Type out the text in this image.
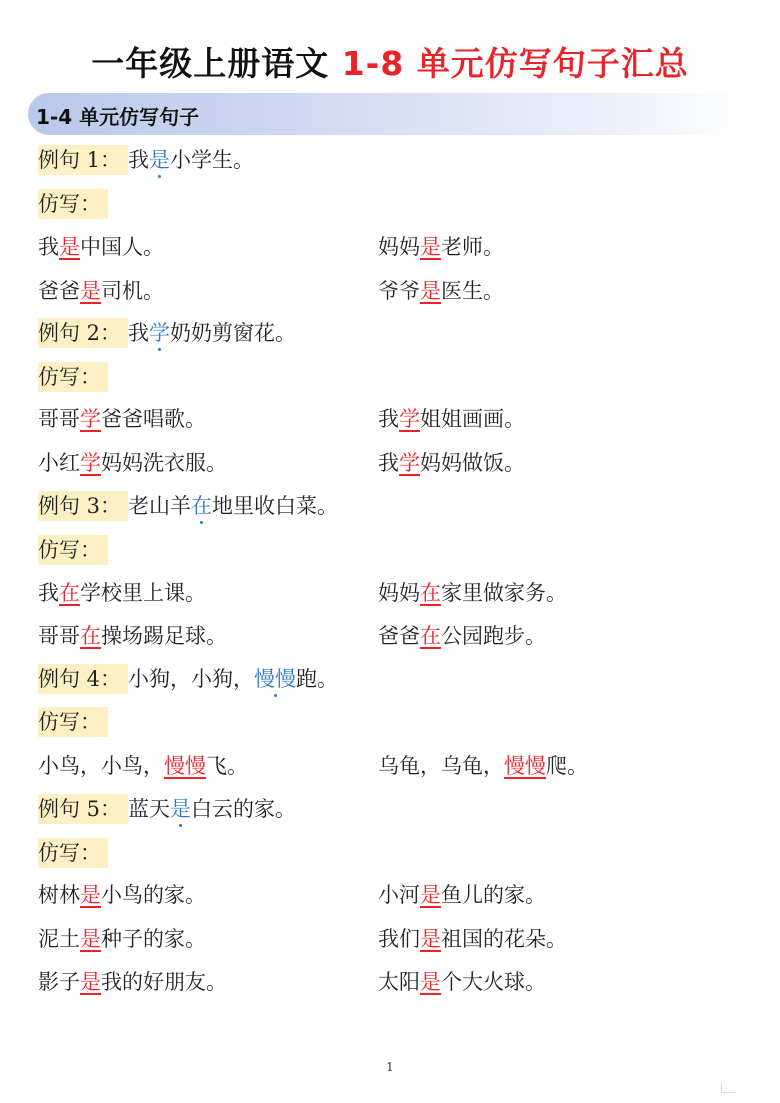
一年级上册语文 1-8 单元仿写句子汇总
1-4 单元仿写句子
例句 1： 我是小学生。
仿写：
我是中国人。	妈妈是老师。
爸爸是司机。	爷爷是医生。
例句 2： 我学奶奶剪窗花。
仿写：
哥哥学爸爸唱歌。	我学姐姐画画。
小红学妈妈洗衣服。	我学妈妈做饭。
例句 3： 老山羊在地里收白菜。
仿写：
我在学校里上课。	妈妈在家里做家务。
哥哥在操场踢足球。	爸爸在公园跑步。
例句 4： 小狗，小狗，慢慢跑。
仿写：
小鸟，小鸟，慢慢飞。	乌龟，乌龟，慢慢爬。
例句 5： 蓝天是白云的家。
仿写：
树林是小鸟的家。	小河是鱼儿的家。
泥土是种子的家。	我们是祖国的花朵。
影子是我的好朋友。	太阳是个大火球。
1
